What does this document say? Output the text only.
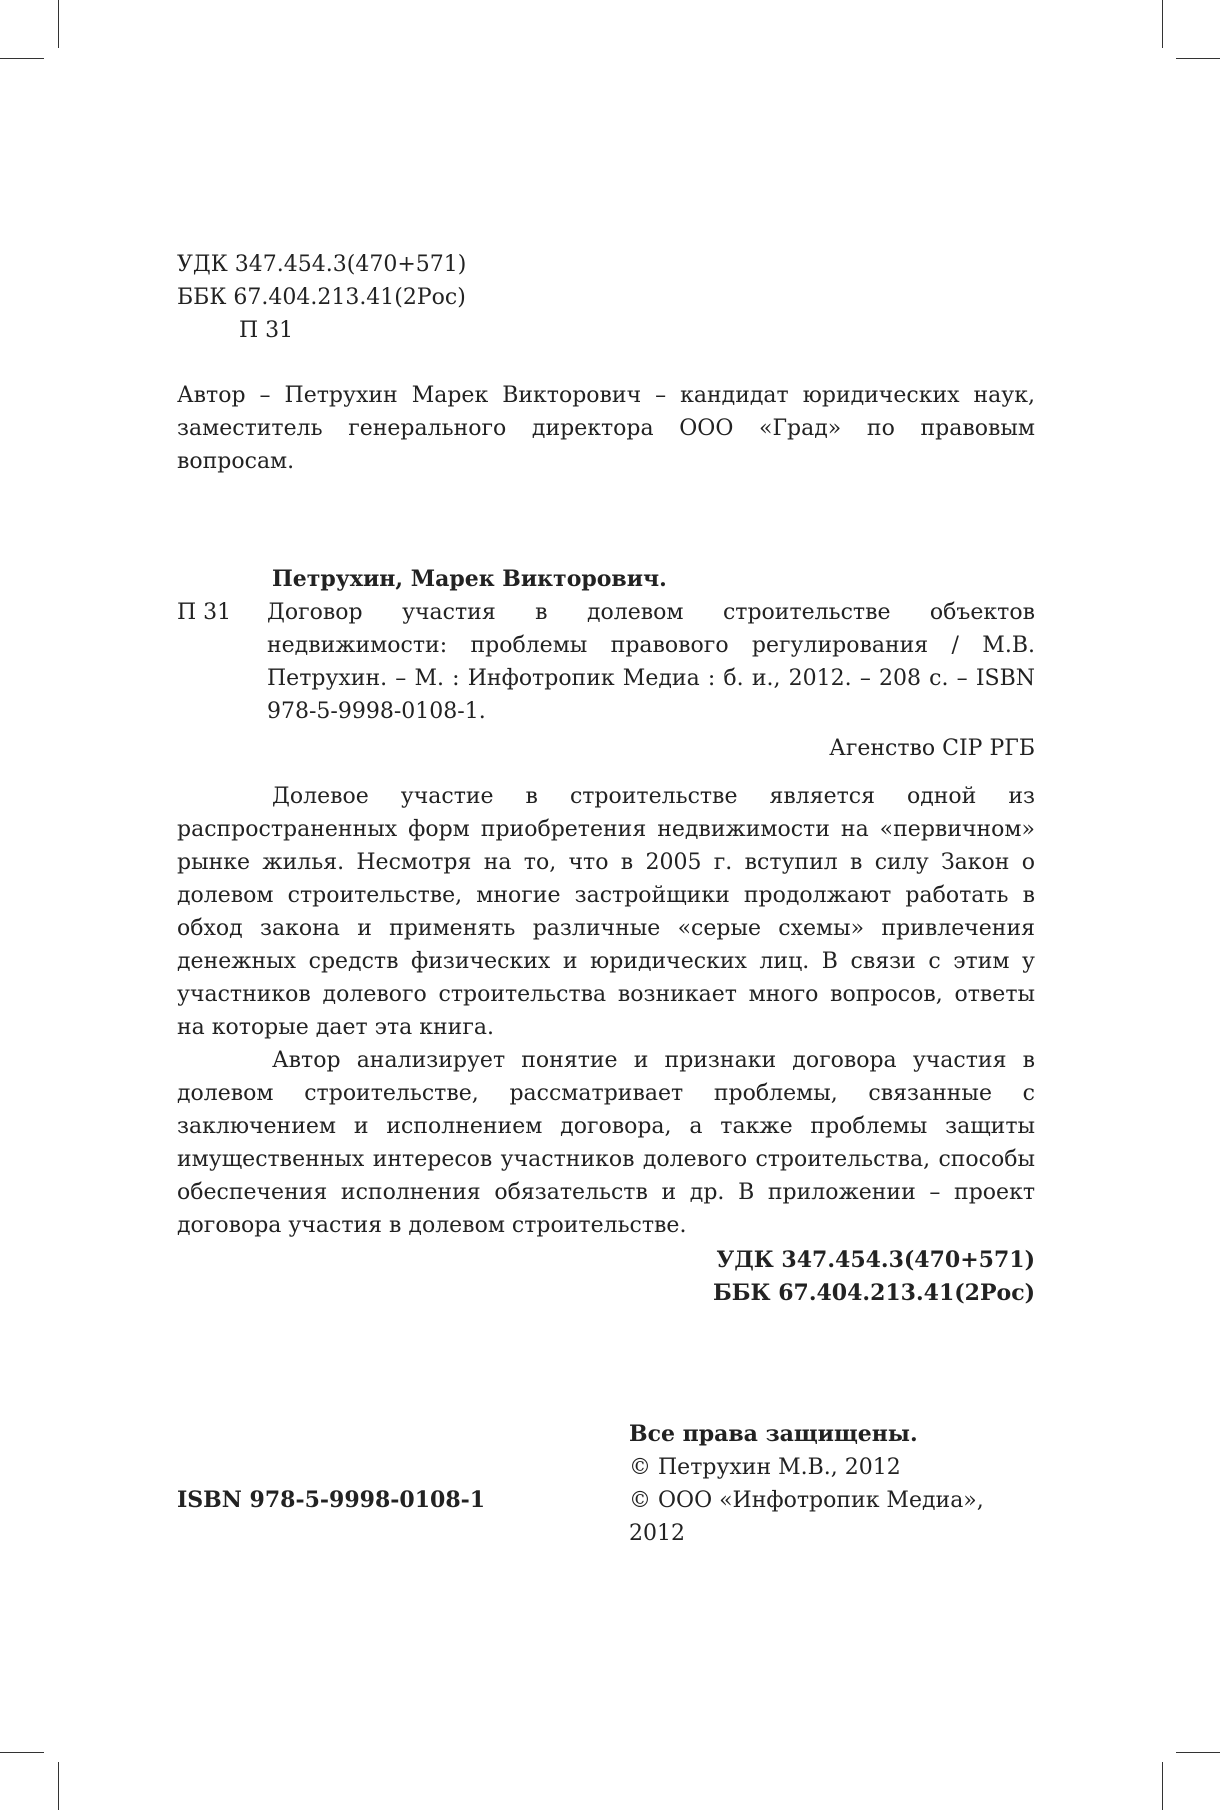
УДК 347.454.3(470+571)
ББК 67.404.213.41(2Рос)
П 31
Автор – Петрухин Марек Викторович – кандидат юридических наук, заместитель генерального директора ООО «Град» по правовым вопросам.
Петрухин, Марек Викторович.
П 31	Договор участия в долевом строительстве объектов недвижимости: проблемы правового регулирования / М.В. Петрухин. – М. : Инфотропик Медиа : б. и., 2012. – 208 с. – ISBN 978-5-9998-0108-1.
Агенство CIP РГБ
Долевое участие в строительстве является одной из распространенных форм приобретения недвижимости на «первичном» рынке жилья. Несмотря на то, что в 2005 г. вступил в силу Закон о долевом строительстве, многие застройщики продолжают работать в обход закона и применять различные «серые схемы» привлечения денежных средств физических и юридических лиц. В связи с этим у участников долевого строительства возникает много вопросов, ответы на которые дает эта книга.
Автор анализирует понятие и признаки договора участия в долевом строительстве, рассматривает проблемы, связанные с заключением и исполнением договора, а также проблемы защиты имущественных интересов участников долевого строительства, способы обеспечения исполнения обязательств и др. В приложении – проект договора участия в долевом строительстве.
УДК 347.454.3(470+571)
ББК 67.404.213.41(2Рос)
Все права защищены.
© Петрухин М.В., 2012
© ООО «Инфотропик Медиа», 2012
ISBN 978-5-9998-0108-1
